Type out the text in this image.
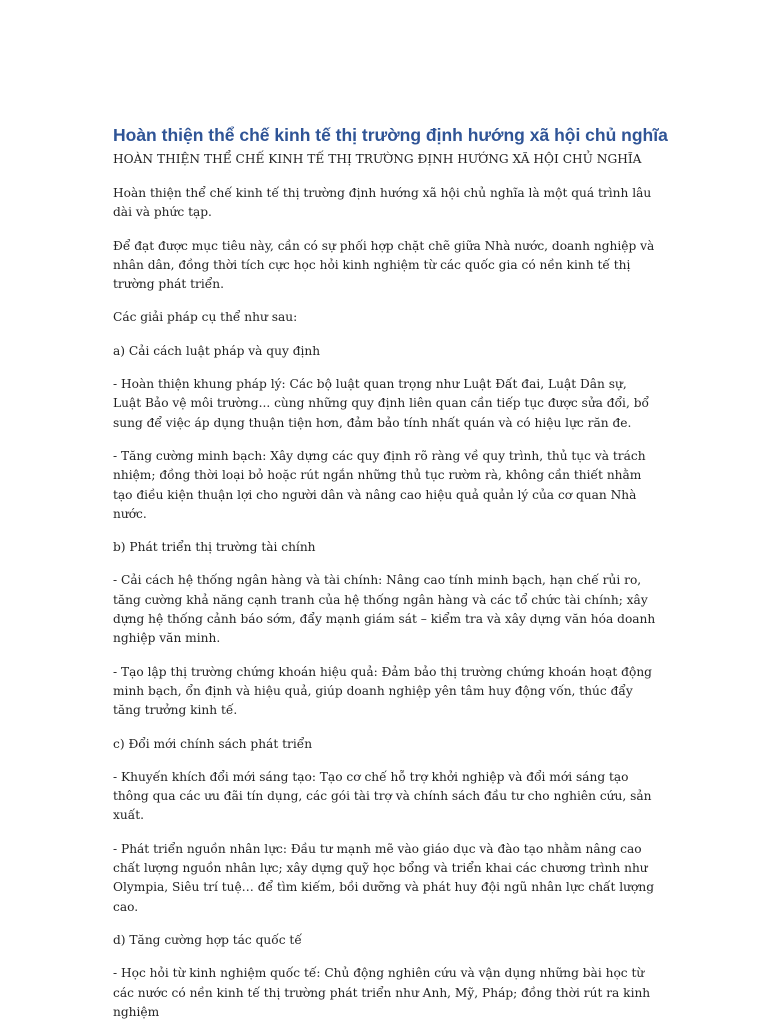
Hoàn thiện thể chế kinh tế thị trường định hướng xã hội chủ nghĩa
HOÀN THIỆN THỂ CHẾ KINH TẾ THỊ TRƯỜNG ĐỊNH HƯỚNG XÃ HỘI CHỦ NGHĨA

Hoàn thiện thể chế kinh tế thị trường định hướng xã hội chủ nghĩa là một quá trình lâu dài và phức tạp.

Để đạt được mục tiêu này, cần có sự phối hợp chặt chẽ giữa Nhà nước, doanh nghiệp và nhân dân, đồng thời tích cực học hỏi kinh nghiệm từ các quốc gia có nền kinh tế thị trường phát triển.

Các giải pháp cụ thể như sau:

a) Cải cách luật pháp và quy định

- Hoàn thiện khung pháp lý: Các bộ luật quan trọng như Luật Đất đai, Luật Dân sự, Luật Bảo vệ môi trường... cùng những quy định liên quan cần tiếp tục được sửa đổi, bổ sung để việc áp dụng thuận tiện hơn, đảm bảo tính nhất quán và có hiệu lực răn đe.

- Tăng cường minh bạch: Xây dựng các quy định rõ ràng về quy trình, thủ tục và trách nhiệm; đồng thời loại bỏ hoặc rút ngắn những thủ tục rườm rà, không cần thiết nhằm tạo điều kiện thuận lợi cho người dân và nâng cao hiệu quả quản lý của cơ quan Nhà nước.

b) Phát triển thị trường tài chính

- Cải cách hệ thống ngân hàng và tài chính: Nâng cao tính minh bạch, hạn chế rủi ro, tăng cường khả năng cạnh tranh của hệ thống ngân hàng và các tổ chức tài chính; xây dựng hệ thống cảnh báo sớm, đẩy mạnh giám sát – kiểm tra và xây dựng văn hóa doanh nghiệp văn minh.

- Tạo lập thị trường chứng khoán hiệu quả: Đảm bảo thị trường chứng khoán hoạt động minh bạch, ổn định và hiệu quả, giúp doanh nghiệp yên tâm huy động vốn, thúc đẩy tăng trưởng kinh tế.

c) Đổi mới chính sách phát triển

- Khuyến khích đổi mới sáng tạo: Tạo cơ chế hỗ trợ khởi nghiệp và đổi mới sáng tạo thông qua các ưu đãi tín dụng, các gói tài trợ và chính sách đầu tư cho nghiên cứu, sản xuất.

- Phát triển nguồn nhân lực: Đầu tư mạnh mẽ vào giáo dục và đào tạo nhằm nâng cao chất lượng nguồn nhân lực; xây dựng quỹ học bổng và triển khai các chương trình như Olympia, Siêu trí tuệ… để tìm kiếm, bồi dưỡng và phát huy đội ngũ nhân lực chất lượng cao.

d) Tăng cường hợp tác quốc tế

- Học hỏi từ kinh nghiệm quốc tế: Chủ động nghiên cứu và vận dụng những bài học từ các nước có nền kinh tế thị trường phát triển như Anh, Mỹ, Pháp; đồng thời rút ra kinh nghiệm
